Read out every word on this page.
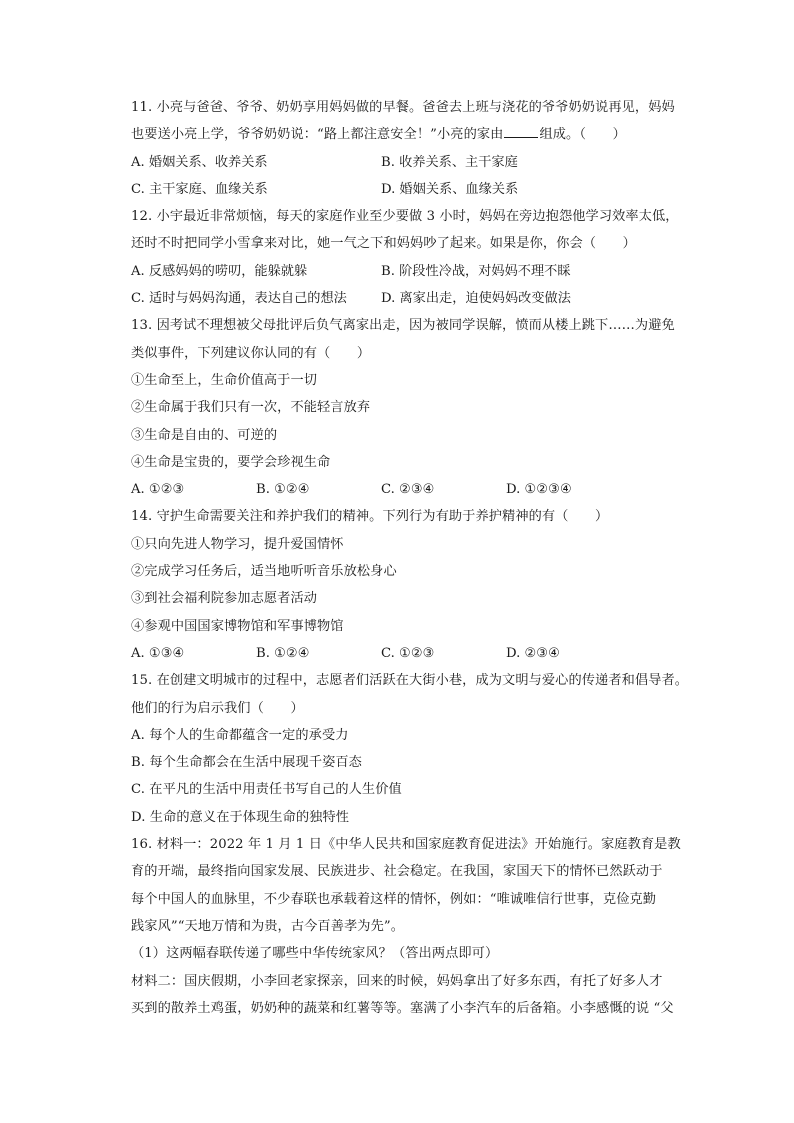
11. 小亮与爸爸、爷爷、奶奶享用妈妈做的早餐。爸爸去上班与浇花的爷爷奶奶说再见，妈妈
也要送小亮上学，爷爷奶奶说：“路上都注意安全！”小亮的家由	组成。（　　）
A. 婚姻关系、收养关系	B. 收养关系、主干家庭
C. 主干家庭、血缘关系	D. 婚姻关系、血缘关系
12. 小宇最近非常烦恼，每天的家庭作业至少要做 3 小时，妈妈在旁边抱怨他学习效率太低，
还时不时把同学小雪拿来对比，她一气之下和妈妈吵了起来。如果是你，你会（　　）
A. 反感妈妈的唠叨，能躲就躲	B. 阶段性冷战，对妈妈不理不睬
C. 适时与妈妈沟通，表达自己的想法	D. 离家出走，迫使妈妈改变做法
13. 因考试不理想被父母批评后负气离家出走，因为被同学误解，愤而从楼上跳下……为避免
类似事件，下列建议你认同的有（　　）
①生命至上，生命价值高于一切
②生命属于我们只有一次，不能轻言放弃
③生命是自由的、可逆的
④生命是宝贵的，要学会珍视生命
A. ①②③	B. ①②④	C. ②③④	D. ①②③④
14. 守护生命需要关注和养护我们的精神。下列行为有助于养护精神的有（　　）
①只向先进人物学习，提升爱国情怀
②完成学习任务后，适当地听听音乐放松身心
③到社会福利院参加志愿者活动
④参观中国国家博物馆和军事博物馆
A. ①③④	B. ①②④	C. ①②③	D. ②③④
15. 在创建文明城市的过程中，志愿者们活跃在大街小巷，成为文明与爱心的传递者和倡导者。
他们的行为启示我们（　　）
A. 每个人的生命都蕴含一定的承受力
B. 每个生命都会在生活中展现千姿百态
C. 在平凡的生活中用责任书写自己的人生价值
D. 生命的意义在于体现生命的独特性
16. 材料一：2022 年 1 月 1 日《中华人民共和国家庭教育促进法》开始施行。家庭教育是教
育的开端，最终指向国家发展、民族进步、社会稳定。在我国，家国天下的情怀已然跃动于
每个中国人的血脉里，不少春联也承载着这样的情怀，例如：“唯诚唯信行世事，克俭克勤
践家风”“天地万情和为贵，古今百善孝为先”。
（1）这两幅春联传递了哪些中华传统家风？（答出两点即可）
材料二：国庆假期，小李回老家探亲，回来的时候，妈妈拿出了好多东西，有托了好多人才
买到的散养土鸡蛋，奶奶种的蔬菜和红薯等等。塞满了小李汽车的后备箱。小李感慨的说 “父
